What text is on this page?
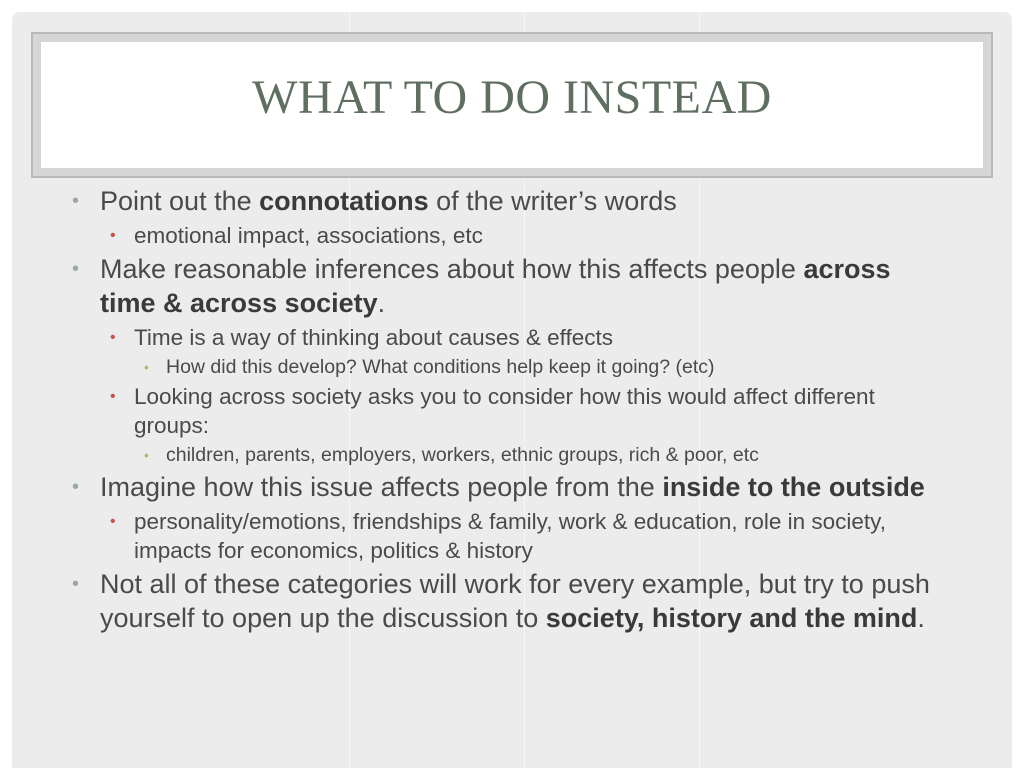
WHAT TO DO INSTEAD
• Point out the connotations of the writer’s words
• emotional impact, associations, etc
• Make reasonable inferences about how this affects people across time & across society.
• Time is a way of thinking about causes & effects
• How did this develop? What conditions help keep it going? (etc)
• Looking across society asks you to consider how this would affect different groups:
• children, parents, employers, workers, ethnic groups, rich & poor, etc
• Imagine how this issue affects people from the inside to the outside
• personality/emotions, friendships & family, work & education, role in society, impacts for economics, politics & history
• Not all of these categories will work for every example, but try to push yourself to open up the discussion to society, history and the mind.
